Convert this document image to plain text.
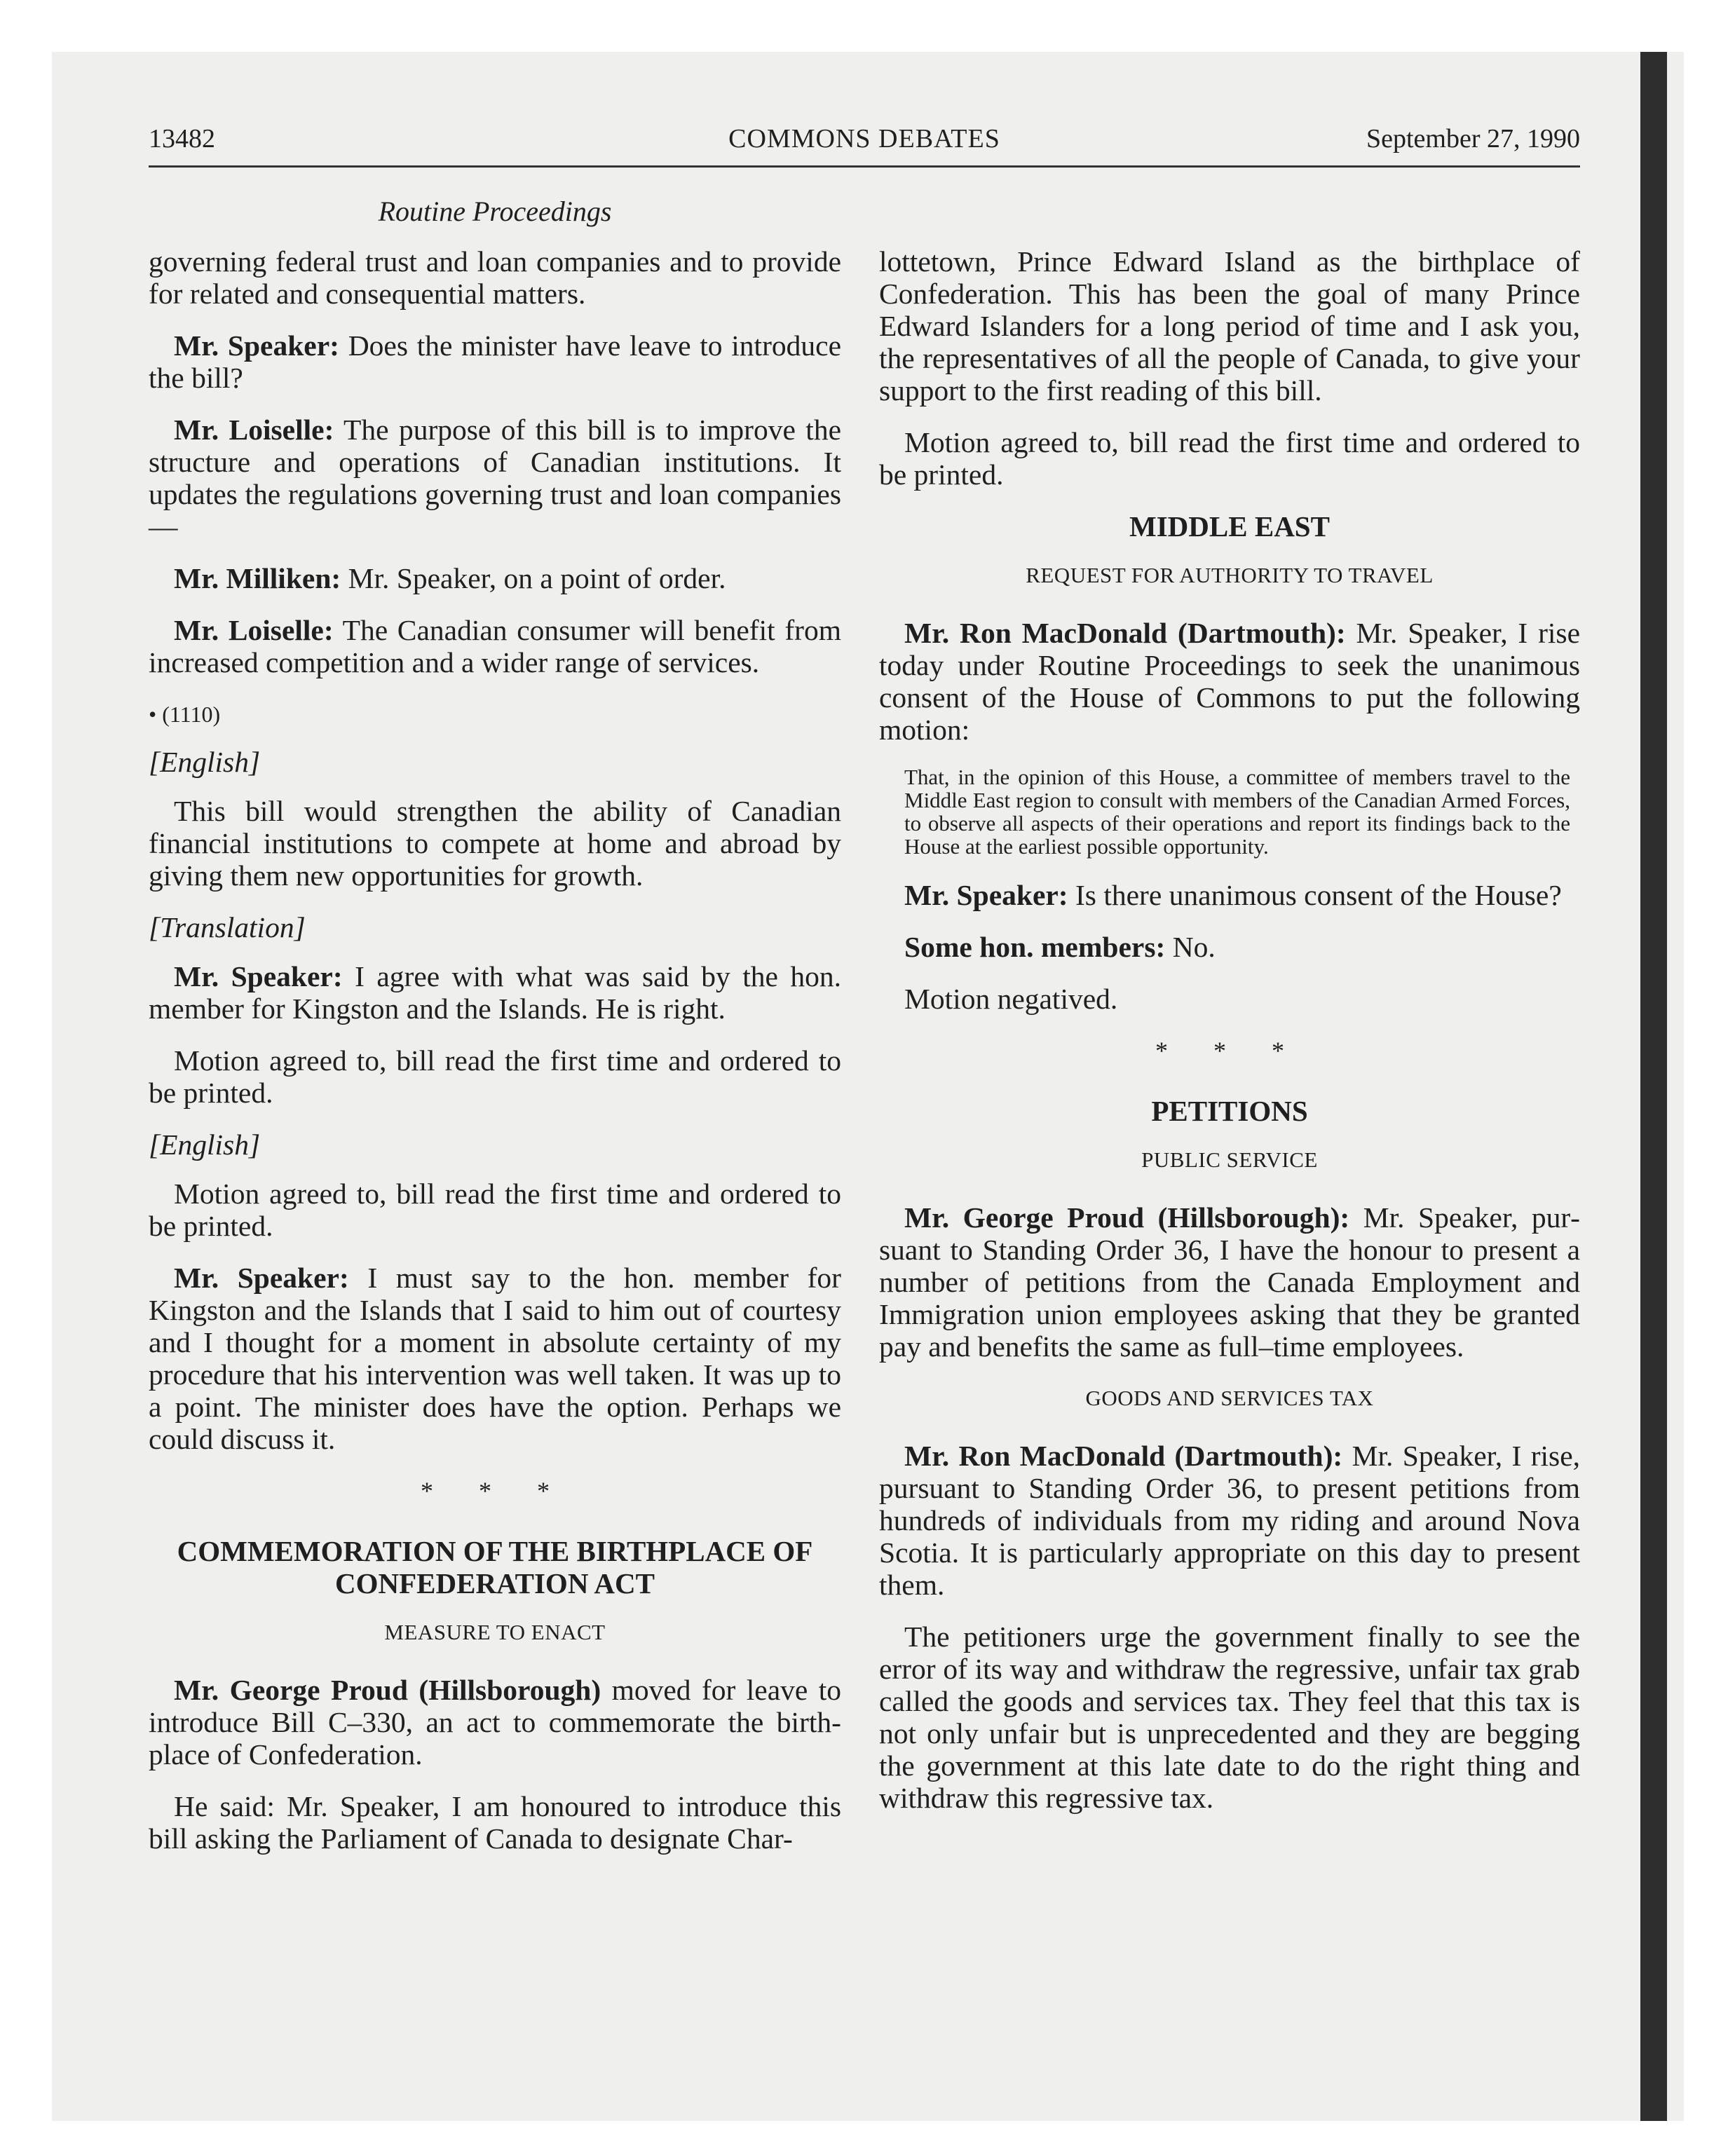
13482	COMMONS DEBATES	September 27, 1990
Routine Proceedings

governing federal trust and loan companies and to provide for related and consequential matters.

Mr. Speaker: Does the minister have leave to introduce the bill?

Mr. Loiselle: The purpose of this bill is to improve the structure and operations of Canadian institutions. It updates the regulations governing trust and loan companies—

Mr. Milliken: Mr. Speaker, on a point of order.

Mr. Loiselle: The Canadian consumer will benefit from increased competition and a wider range of services.

• (1110)
[English]

This bill would strengthen the ability of Canadian financial institutions to compete at home and abroad by giving them new opportunities for growth.

[Translation]

Mr. Speaker: I agree with what was said by the hon. member for Kingston and the Islands. He is right.

Motion agreed to, bill read the first time and ordered to be printed.

[English]

Motion agreed to, bill read the first time and ordered to be printed.

Mr. Speaker: I must say to the hon. member for Kingston and the Islands that I said to him out of courtesy and I thought for a moment in absolute certainty of my procedure that his intervention was well taken. It was up to a point. The minister does have the option. Perhaps we could discuss it.

* * *
COMMEMORATION OF THE BIRTHPLACE OF CONFEDERATION ACT
MEASURE TO ENACT

Mr. George Proud (Hillsborough) moved for leave to introduce Bill C–330, an act to commemorate the birthplace of Confederation.

He said: Mr. Speaker, I am honoured to introduce this bill asking the Parliament of Canada to designate Char-

lottetown, Prince Edward Island as the birthplace of Confederation. This has been the goal of many Prince Edward Islanders for a long period of time and I ask you, the representatives of all the people of Canada, to give your support to the first reading of this bill.

Motion agreed to, bill read the first time and ordered to be printed.

MIDDLE EAST
REQUEST FOR AUTHORITY TO TRAVEL

Mr. Ron MacDonald (Dartmouth): Mr. Speaker, I rise today under Routine Proceedings to seek the unanimous consent of the House of Commons to put the following motion:

That, in the opinion of this House, a committee of members travel to the Middle East region to consult with members of the Canadian Armed Forces, to observe all aspects of their operations and report its findings back to the House at the earliest possible opportunity.

Mr. Speaker: Is there unanimous consent of the House?

Some hon. members: No.

Motion negatived.

* * *
PETITIONS
PUBLIC SERVICE

Mr. George Proud (Hillsborough): Mr. Speaker, pursuant to Standing Order 36, I have the honour to present a number of petitions from the Canada Employment and Immigration union employees asking that they be granted pay and benefits the same as full–time employees.

GOODS AND SERVICES TAX

Mr. Ron MacDonald (Dartmouth): Mr. Speaker, I rise, pursuant to Standing Order 36, to present petitions from hundreds of individuals from my riding and around Nova Scotia. It is particularly appropriate on this day to present them.

The petitioners urge the government finally to see the error of its way and withdraw the regressive, unfair tax grab called the goods and services tax. They feel that this tax is not only unfair but is unprecedented and they are begging the government at this late date to do the right thing and withdraw this regressive tax.
